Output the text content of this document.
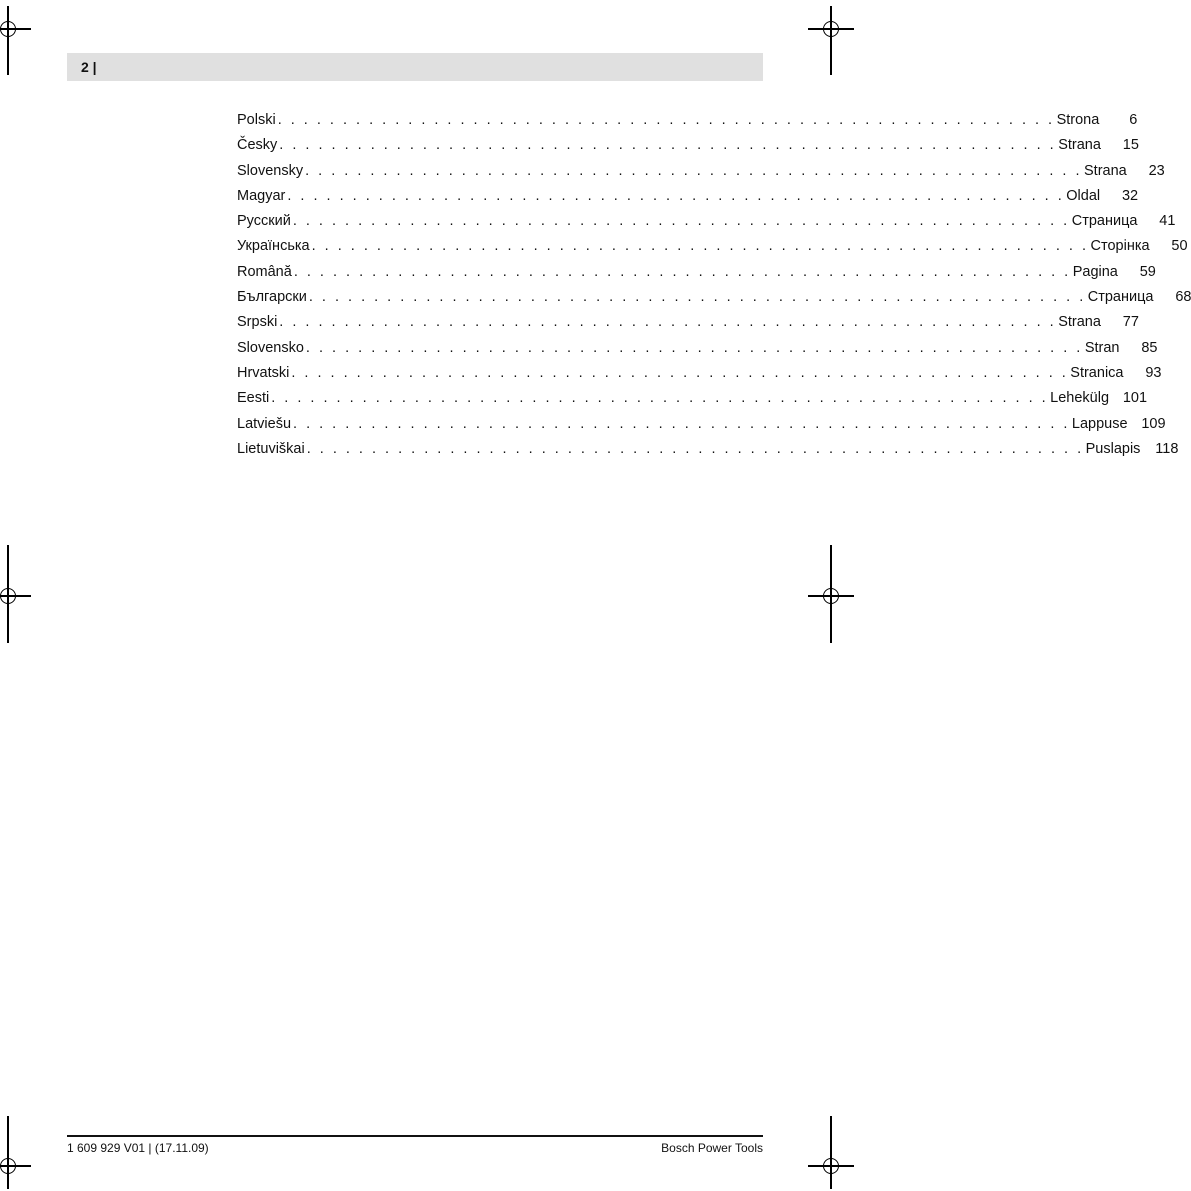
2 |
Polski . . . . . . . . . . . . . . . . . . . . . . . . . . . . . . . . . . . . . . . . . . . . . . . . . . . . . . . . . . . . Strona	6
Česky . . . . . . . . . . . . . . . . . . . . . . . . . . . . . . . . . . . . . . . . . . . . . . . . . . . . . . . . . . . . Strana	15
Slovensky . . . . . . . . . . . . . . . . . . . . . . . . . . . . . . . . . . . . . . . . . . . . . . . . . . . . . . . . . . . . Strana	23
Magyar . . . . . . . . . . . . . . . . . . . . . . . . . . . . . . . . . . . . . . . . . . . . . . . . . . . . . . . . . . . . Oldal	32
Русский . . . . . . . . . . . . . . . . . . . . . . . . . . . . . . . . . . . . . . . . . . . . . . . . . . . . . . . . . . . . Страница	41
Українська . . . . . . . . . . . . . . . . . . . . . . . . . . . . . . . . . . . . . . . . . . . . . . . . . . . . . . . . . . . . Сторінка	50
Română . . . . . . . . . . . . . . . . . . . . . . . . . . . . . . . . . . . . . . . . . . . . . . . . . . . . . . . . . . . . Pagina	59
Български . . . . . . . . . . . . . . . . . . . . . . . . . . . . . . . . . . . . . . . . . . . . . . . . . . . . . . . . . . . . Страница	68
Srpski . . . . . . . . . . . . . . . . . . . . . . . . . . . . . . . . . . . . . . . . . . . . . . . . . . . . . . . . . . . . Strana	77
Slovensko . . . . . . . . . . . . . . . . . . . . . . . . . . . . . . . . . . . . . . . . . . . . . . . . . . . . . . . . . . . . Stran	85
Hrvatski . . . . . . . . . . . . . . . . . . . . . . . . . . . . . . . . . . . . . . . . . . . . . . . . . . . . . . . . . . . . Stranica	93
Eesti . . . . . . . . . . . . . . . . . . . . . . . . . . . . . . . . . . . . . . . . . . . . . . . . . . . . . . . . . . . . Lehekülg 101
Latviešu . . . . . . . . . . . . . . . . . . . . . . . . . . . . . . . . . . . . . . . . . . . . . . . . . . . . . . . . . . . . Lappuse 109
Lietuviškai . . . . . . . . . . . . . . . . . . . . . . . . . . . . . . . . . . . . . . . . . . . . . . . . . . . . . . . . . . . . Puslapis	118
1 609 929 V01 | (17.11.09)	Bosch Power Tools
